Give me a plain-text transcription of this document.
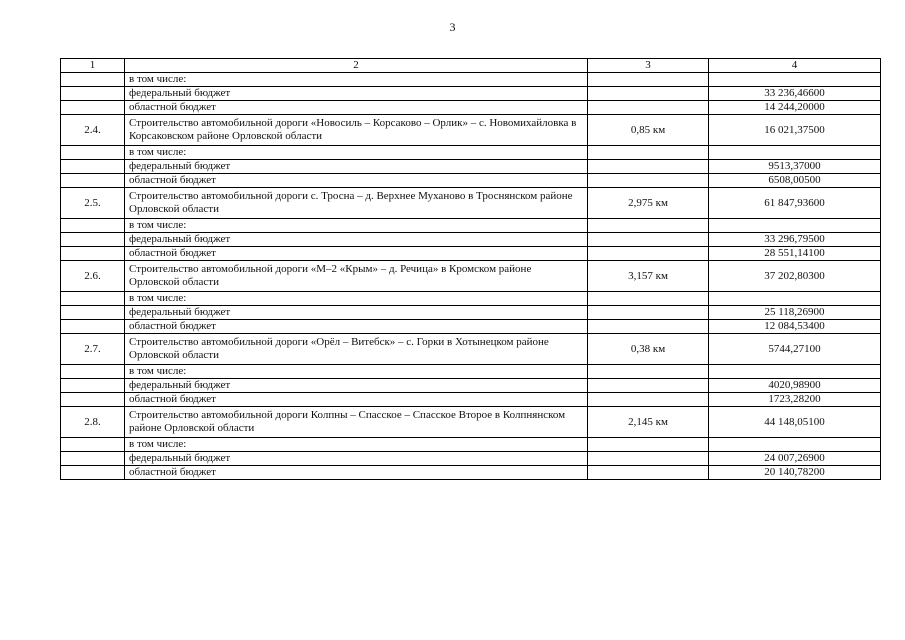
3
1	2	3	4
	в том числе:		
	федеральный бюджет		33 236,46600
	областной бюджет		14 244,20000
2.4.	Строительство автомобильной дороги «Новосиль – Корсаково – Орлик» – с. Новомихайловка в Корсаковском районе Орловской области	0,85 км	16 021,37500
	в том числе:		
	федеральный бюджет		9513,37000
	областной бюджет		6508,00500
2.5.	Строительство автомобильной дороги с. Тросна – д. Верхнее Муханово в Троснянском районе Орловской области	2,975 км	61 847,93600
	в том числе:		
	федеральный бюджет		33 296,79500
	областной бюджет		28 551,14100
2.6.	Строительство автомобильной дороги «М–2 «Крым» – д. Речица» в Кромском районе Орловской области	3,157 км	37 202,80300
	в том числе:		
	федеральный бюджет		25 118,26900
	областной бюджет		12 084,53400
2.7.	Строительство автомобильной дороги «Орёл – Витебск» – с. Горки в Хотынецком районе Орловской области	0,38 км	5744,27100
	в том числе:		
	федеральный бюджет		4020,98900
	областной бюджет		1723,28200
2.8.	Строительство автомобильной дороги Колпны – Спасское – Спасское Второе в Колпнянском районе Орловской области	2,145 км	44 148,05100
	в том числе:		
	федеральный бюджет		24 007,26900
	областной бюджет		20 140,78200
